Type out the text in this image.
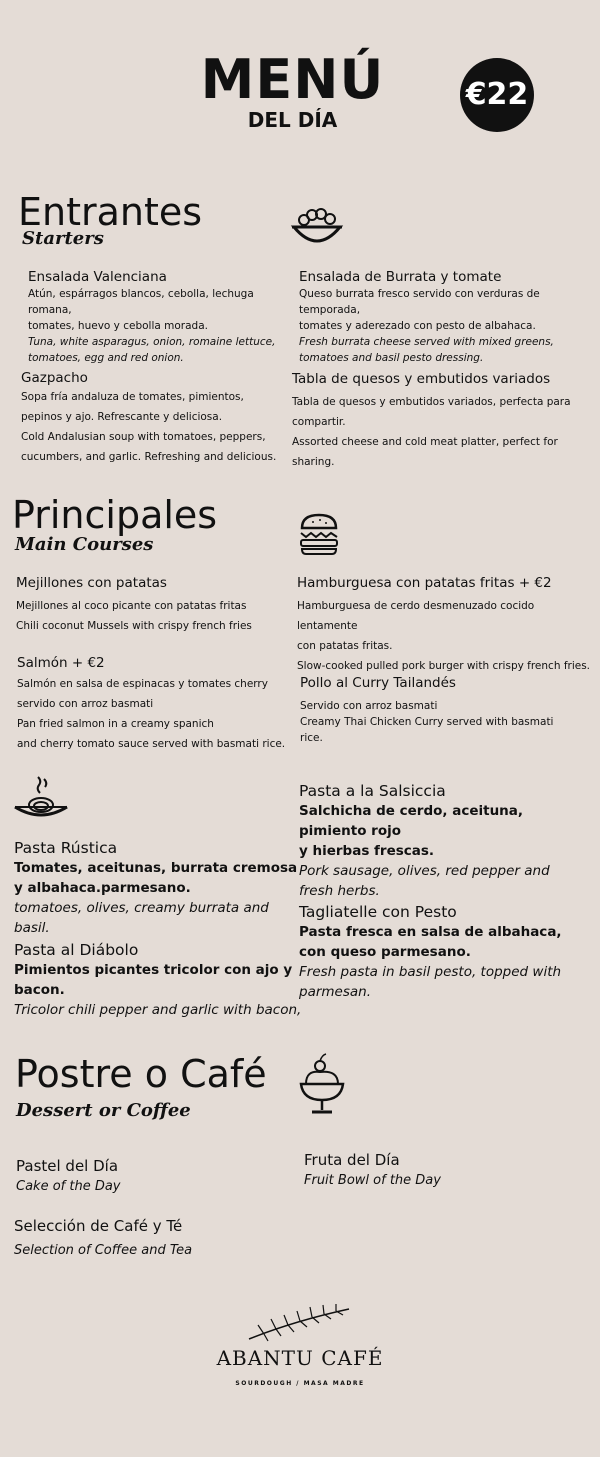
MENÚ
DEL DÍA
€22
Entrantes
Starters
Ensalada Valenciana
Atún, espárragos blancos, cebolla, lechuga romana,
tomates, huevo y cebolla morada.
Tuna, white asparagus, onion, romaine lettuce,
tomatoes, egg and red onion.
Ensalada de Burrata y tomate
Queso burrata fresco servido con verduras de temporada,
tomates y aderezado con pesto de albahaca.
Fresh burrata cheese served with mixed greens,
tomatoes and basil pesto dressing.
Gazpacho
Sopa fría andaluza de tomates, pimientos,
pepinos y ajo. Refrescante y deliciosa.
Cold Andalusian soup with tomatoes, peppers,
cucumbers, and garlic. Refreshing and delicious.
Tabla de quesos y embutidos variados
Tabla de quesos y embutidos variados, perfecta para
compartir.
Assorted cheese and cold meat platter, perfect for sharing.
Principales
Main Courses
Mejillones con patatas
Mejillones al coco picante con patatas fritas
Chili coconut Mussels with crispy french fries
Hamburguesa con patatas fritas + €2
Hamburguesa de cerdo desmenuzado cocido lentamente
con patatas fritas.
Slow-cooked pulled pork burger with crispy french fries.
Salmón + €2
Salmón en salsa de espinacas y tomates cherry
servido con arroz basmati
Pan fried salmon in a creamy spanich
and cherry tomato sauce served with basmati rice.
Pollo al Curry Tailandés
Servido con arroz basmati
Creamy Thai Chicken Curry served with basmati
rice.
Pasta Rústica
Tomates, aceitunas, burrata cremosa
y albahaca.parmesano.
tomatoes, olives, creamy burrata and basil.
Pasta al Diábolo
Pimientos picantes tricolor con ajo y bacon.
Tricolor chili pepper and garlic with bacon,
Pasta a la Salsiccia
Salchicha de cerdo, aceituna, pimiento rojo
y hierbas frescas.
Pork sausage, olives, red pepper and
fresh herbs.
Tagliatelle con Pesto
Pasta fresca en salsa de albahaca,
con queso parmesano.
Fresh pasta in basil pesto, topped with
parmesan.
Postre o Café
Dessert or Coffee
Pastel del Día
Cake of the Day
Fruta del Día
Fruit Bowl of the Day
Selección de Café y Té
Selection of Coffee and Tea
ABANTU CAFÉ
SOURDOUGH / MASA MADRE
